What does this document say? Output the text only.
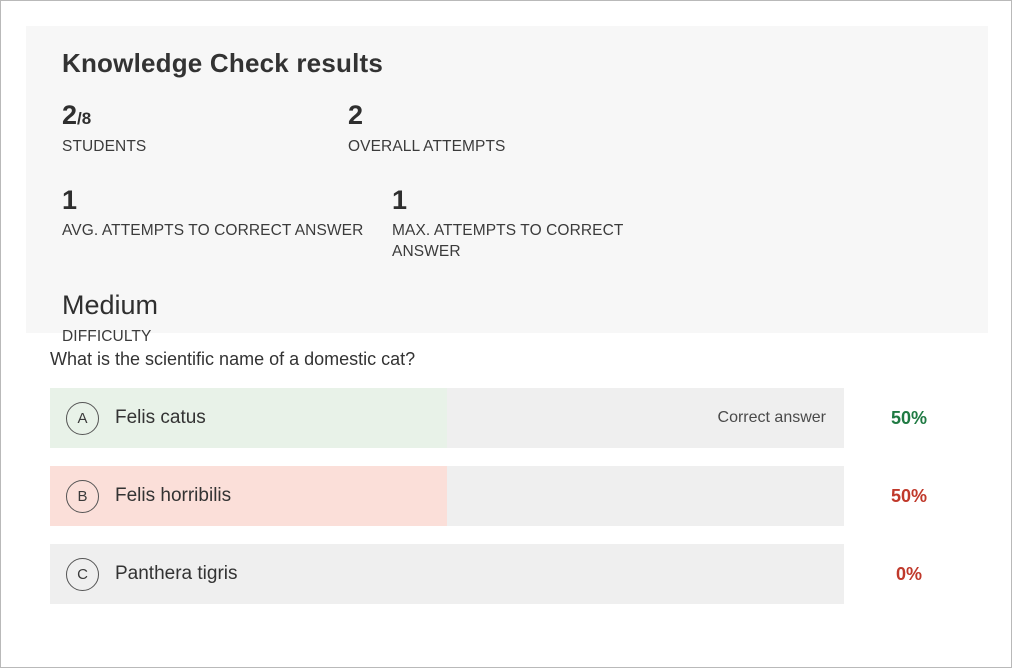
Knowledge Check results
2/8
STUDENTS
2
OVERALL ATTEMPTS
1
AVG. ATTEMPTS TO CORRECT ANSWER
1
MAX. ATTEMPTS TO CORRECT ANSWER
Medium
DIFFICULTY
What is the scientific name of a domestic cat?
A	Felis catus	Correct answer	50%
B	Felis horribilis	50%
C	Panthera tigris	0%
